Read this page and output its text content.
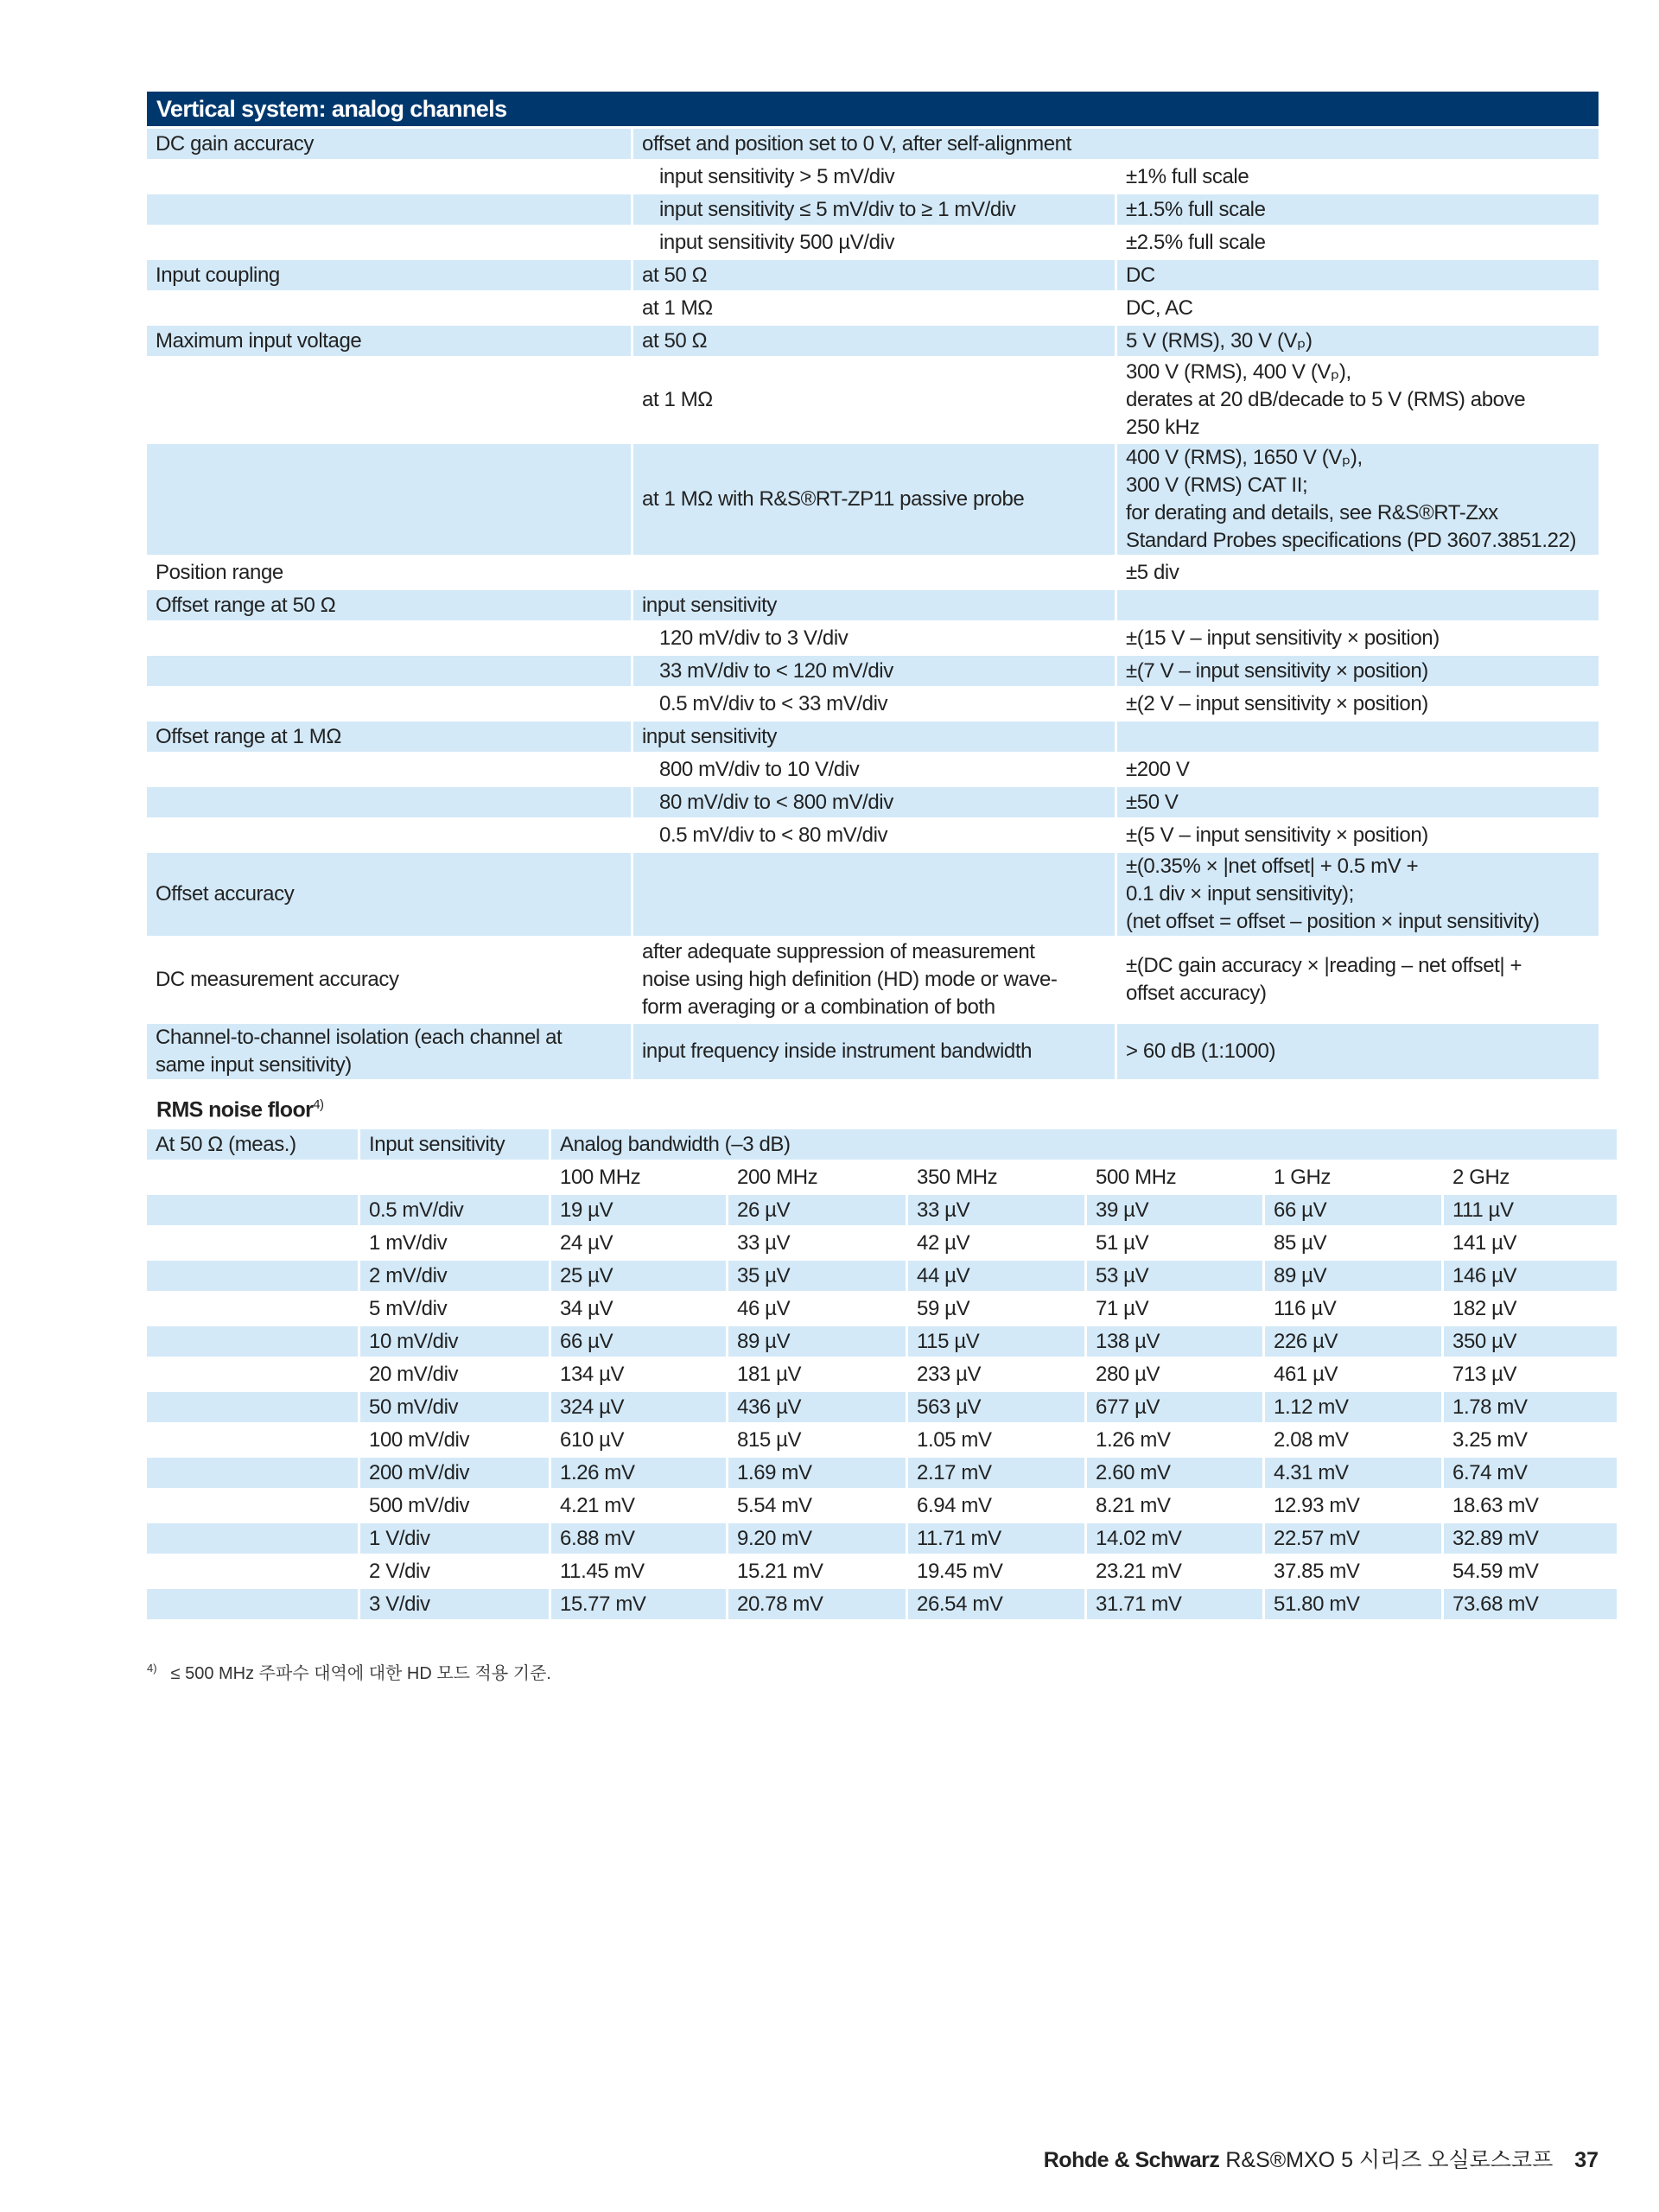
Vertical system: analog channels
DC gain accuracy	offset and position set to 0 V, after self-alignment	
	input sensitivity > 5 mV/div	±1% full scale
	input sensitivity ≤ 5 mV/div to ≥ 1 mV/div	±1.5% full scale
	input sensitivity 500 µV/div	±2.5% full scale
Input coupling	at 50 Ω	DC
	at 1 MΩ	DC, AC
Maximum input voltage	at 50 Ω	5 V (RMS), 30 V (Vₚ)
	at 1 MΩ	300 V (RMS), 400 V (Vₚ),
derates at 20 dB/decade to 5 V (RMS) above
250 kHz
	at 1 MΩ with R&S®RT-ZP11 passive probe	400 V (RMS), 1650 V (Vₚ),
300 V (RMS) CAT II;
for derating and details, see R&S®RT-Zxx
Standard Probes specifications (PD 3607.3851.22)
Position range		±5 div
Offset range at 50 Ω	input sensitivity	
	120 mV/div to 3 V/div	±(15 V – input sensitivity × position)
	33 mV/div to < 120 mV/div	±(7 V – input sensitivity × position)
	0.5 mV/div to < 33 mV/div	±(2 V – input sensitivity × position)
Offset range at 1 MΩ	input sensitivity	
	800 mV/div to 10 V/div	±200 V
	80 mV/div to < 800 mV/div	±50 V
	0.5 mV/div to < 80 mV/div	±(5 V – input sensitivity × position)
Offset accuracy		±(0.35% × |net offset| + 0.5 mV +
0.1 div × input sensitivity);
(net offset = offset – position × input sensitivity)
DC measurement accuracy	after adequate suppression of measurement
noise using high definition (HD) mode or wave-
form averaging or a combination of both	±(DC gain accuracy × |reading – net offset| +
offset accuracy)
Channel-to-channel isolation (each channel at
same input sensitivity)	input frequency inside instrument bandwidth	> 60 dB (1:1000)
RMS noise floor$^{4)}$
At 50 Ω (meas.)	Input sensitivity	Analog bandwidth (–3 dB)					
		100 MHz	200 MHz	350 MHz	500 MHz	1 GHz	2 GHz
	0.5 mV/div	19 µV	26 µV	33 µV	39 µV	66 µV	111 µV
	1 mV/div	24 µV	33 µV	42 µV	51 µV	85 µV	141 µV
	2 mV/div	25 µV	35 µV	44 µV	53 µV	89 µV	146 µV
	5 mV/div	34 µV	46 µV	59 µV	71 µV	116 µV	182 µV
	10 mV/div	66 µV	89 µV	115 µV	138 µV	226 µV	350 µV
	20 mV/div	134 µV	181 µV	233 µV	280 µV	461 µV	713 µV
	50 mV/div	324 µV	436 µV	563 µV	677 µV	1.12 mV	1.78 mV
	100 mV/div	610 µV	815 µV	1.05 mV	1.26 mV	2.08 mV	3.25 mV
	200 mV/div	1.26 mV	1.69 mV	2.17 mV	2.60 mV	4.31 mV	6.74 mV
	500 mV/div	4.21 mV	5.54 mV	6.94 mV	8.21 mV	12.93 mV	18.63 mV
	1 V/div	6.88 mV	9.20 mV	11.71 mV	14.02 mV	22.57 mV	32.89 mV
	2 V/div	11.45 mV	15.21 mV	19.45 mV	23.21 mV	37.85 mV	54.59 mV
	3 V/div	15.77 mV	20.78 mV	26.54 mV	31.71 mV	51.80 mV	73.68 mV
$^{4)}$ ≤ 500 MHz 주파수 대역에 대한 HD 모드 적용 기준.
Rohde & Schwarz R&S®MXO 5 시리즈 오실로스코프 37
